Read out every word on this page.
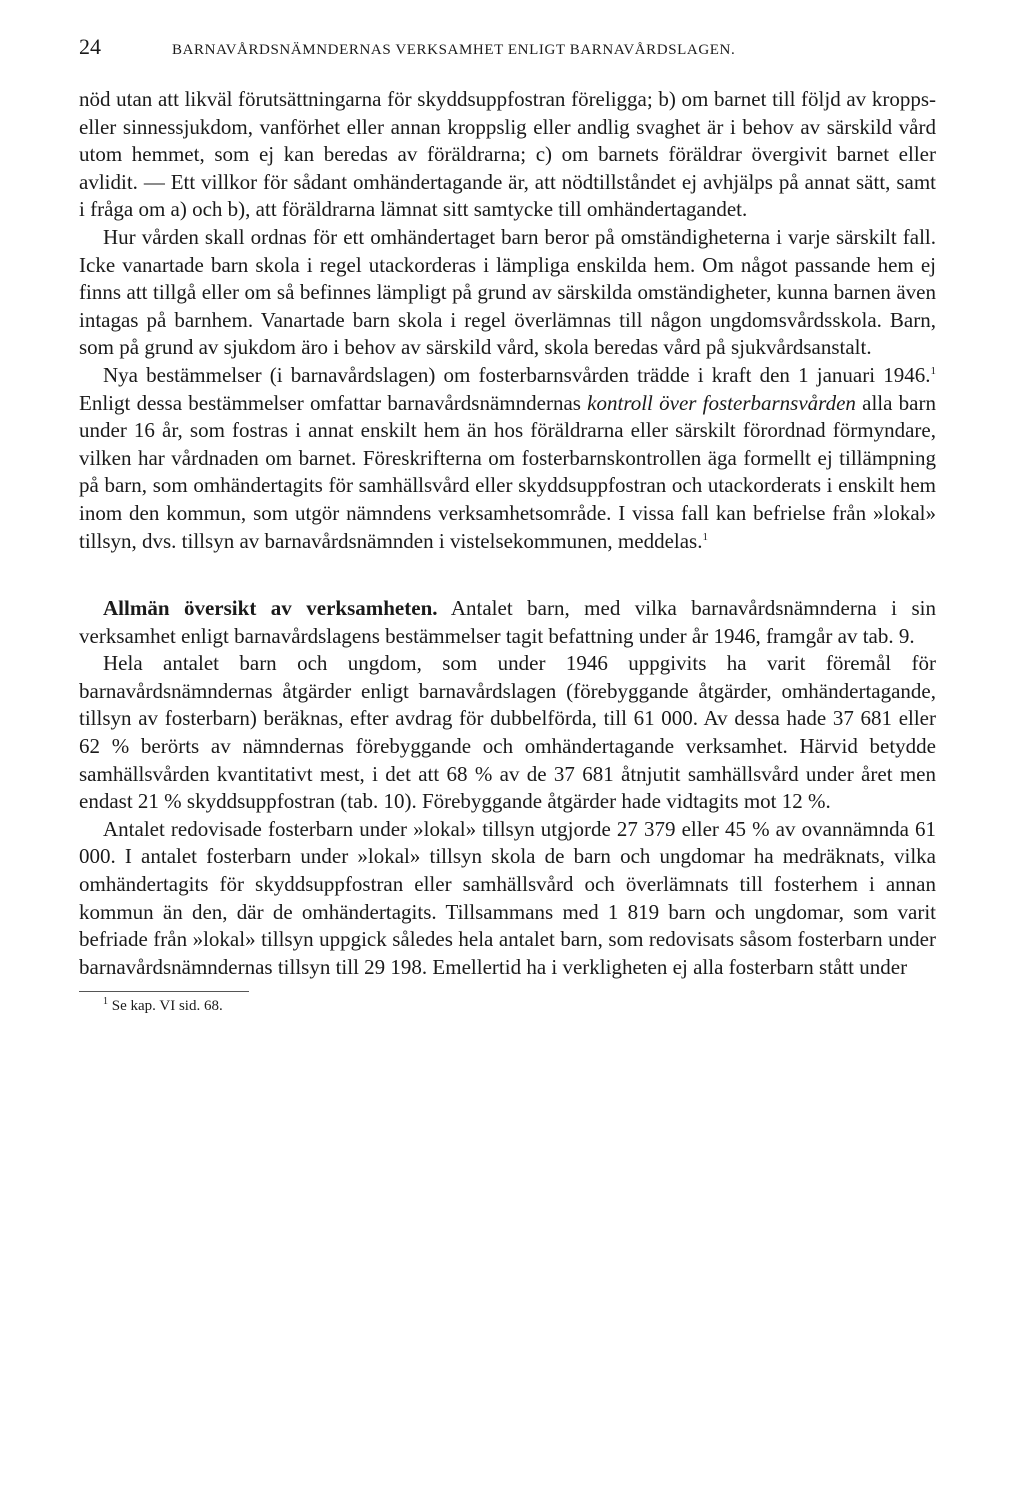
24	BARNAVÅRDSNÄMNDERNAS VERKSAMHET ENLIGT BARNAVÅRDSLAGEN.

nöd utan att likväl förutsättningarna för skyddsuppfostran föreligga; b) om barnet till följd av kropps- eller sinnessjukdom, vanförhet eller annan kroppslig eller andlig svaghet är i behov av särskild vård utom hemmet, som ej kan beredas av föräldrarna; c) om barnets föräldrar övergivit barnet eller avlidit. — Ett villkor för sådant omhändertagande är, att nödtillståndet ej avhjälps på annat sätt, samt i fråga om a) och b), att föräldrarna lämnat sitt samtycke till omhändertagandet.

Hur vården skall ordnas för ett omhändertaget barn beror på omständigheterna i varje särskilt fall. Icke vanartade barn skola i regel utackorderas i lämpliga enskilda hem. Om något passande hem ej finns att tillgå eller om så befinnes lämpligt på grund av särskilda omständigheter, kunna barnen även intagas på barnhem. Vanartade barn skola i regel överlämnas till någon ungdomsvårdsskola. Barn, som på grund av sjukdom äro i behov av särskild vård, skola beredas vård på sjukvårdsanstalt.

Nya bestämmelser (i barnavårdslagen) om fosterbarnsvården trädde i kraft den 1 januari 1946.$^1$ Enligt dessa bestämmelser omfattar barnavårdsnämndernas kontroll över fosterbarnsvården alla barn under 16 år, som fostras i annat enskilt hem än hos föräldrarna eller särskilt förordnad förmyndare, vilken har vårdnaden om barnet. Föreskrifterna om fosterbarnskontrollen äga formellt ej tillämpning på barn, som omhändertagits för samhällsvård eller skyddsuppfostran och utackorderats i enskilt hem inom den kommun, som utgör nämndens verksamhetsområde. I vissa fall kan befrielse från »lokal» tillsyn, dvs. tillsyn av barnavårdsnämnden i vistelsekommunen, meddelas.$^1$

Allmän översikt av verksamheten. Antalet barn, med vilka barnavårdsnämnderna i sin verksamhet enligt barnavårdslagens bestämmelser tagit befattning under år 1946, framgår av tab. 9.

Hela antalet barn och ungdom, som under 1946 uppgivits ha varit föremål för barnavårdsnämndernas åtgärder enligt barnavårdslagen (förebyggande åtgärder, omhändertagande, tillsyn av fosterbarn) beräknas, efter avdrag för dubbelförda, till 61 000. Av dessa hade 37 681 eller 62 % berörts av nämndernas förebyggande och omhändertagande verksamhet. Härvid betydde samhällsvården kvantitativt mest, i det att 68 % av de 37 681 åtnjutit samhällsvård under året men endast 21 % skyddsuppfostran (tab. 10). Förebyggande åtgärder hade vidtagits mot 12 %.

Antalet redovisade fosterbarn under »lokal» tillsyn utgjorde 27 379 eller 45 % av ovannämnda 61 000. I antalet fosterbarn under »lokal» tillsyn skola de barn och ungdomar ha medräknats, vilka omhändertagits för skyddsuppfostran eller samhällsvård och överlämnats till fosterhem i annan kommun än den, där de omhändertagits. Tillsammans med 1 819 barn och ungdomar, som varit befriade från »lokal» tillsyn uppgick således hela antalet barn, som redovisats såsom fosterbarn under barnavårdsnämndernas tillsyn till 29 198. Emellertid ha i verkligheten ej alla fosterbarn stått under

$^1$ Se kap. VI sid. 68.
